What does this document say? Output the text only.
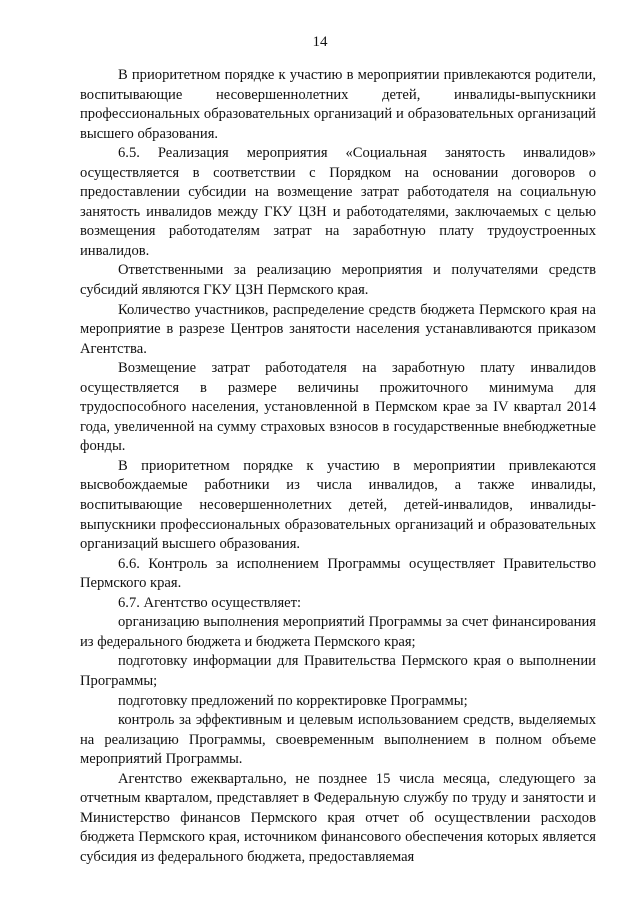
14

В приоритетном порядке к участию в мероприятии привлекаются родители, воспитывающие несовершеннолетних детей, инвалиды-выпускники профессиональных образовательных организаций и образовательных организаций высшего образования.

6.5. Реализация мероприятия «Социальная занятость инвалидов» осуществляется в соответствии с Порядком на основании договоров о предоставлении субсидии на возмещение затрат работодателя на социальную занятость инвалидов между ГКУ ЦЗН и работодателями, заключаемых с целью возмещения работодателям затрат на заработную плату трудоустроенных инвалидов.

Ответственными за реализацию мероприятия и получателями средств субсидий являются ГКУ ЦЗН Пермского края.

Количество участников, распределение средств бюджета Пермского края на мероприятие в разрезе Центров занятости населения устанавливаются приказом Агентства.

Возмещение затрат работодателя на заработную плату инвалидов осуществляется в размере величины прожиточного минимума для трудоспособного населения, установленной в Пермском крае за IV квартал 2014 года, увеличенной на сумму страховых взносов в государственные внебюджетные фонды.

В приоритетном порядке к участию в мероприятии привлекаются высвобождаемые работники из числа инвалидов, а также инвалиды, воспитывающие несовершеннолетних детей, детей-инвалидов, инвалиды-выпускники профессиональных образовательных организаций и образовательных организаций высшего образования.

6.6. Контроль за исполнением Программы осуществляет Правительство Пермского края.

6.7. Агентство осуществляет:

организацию выполнения мероприятий Программы за счет финансирования из федерального бюджета и бюджета Пермского края;

подготовку информации для Правительства Пермского края о выполнении Программы;

подготовку предложений по корректировке Программы;

контроль за эффективным и целевым использованием средств, выделяемых на реализацию Программы, своевременным выполнением в полном объеме мероприятий Программы.

Агентство ежеквартально, не позднее 15 числа месяца, следующего за отчетным кварталом, представляет в Федеральную службу по труду и занятости и Министерство финансов Пермского края отчет об осуществлении расходов бюджета Пермского края, источником финансового обеспечения которых является субсидия из федерального бюджета, предоставляемая
